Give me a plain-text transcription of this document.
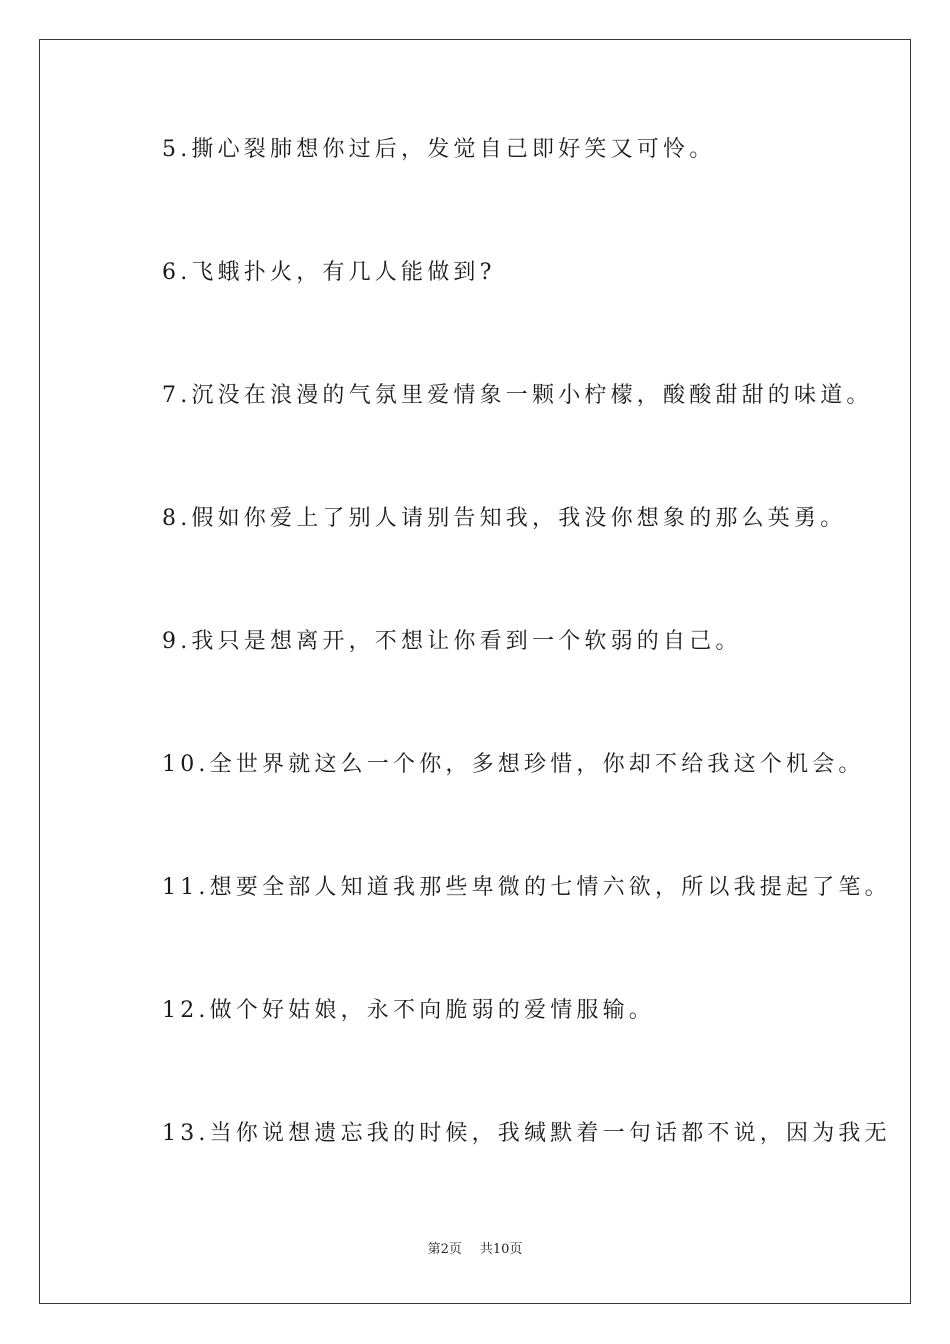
5.撕心裂肺想你过后，发觉自己即好笑又可怜。

6.飞蛾扑火，有几人能做到?

7.沉没在浪漫的气氛里爱情象一颗小柠檬，酸酸甜甜的味道。

8.假如你爱上了别人请别告知我，我没你想象的那么英勇。

9.我只是想离开，不想让你看到一个软弱的自己。

10.全世界就这么一个你，多想珍惜，你却不给我这个机会。

11.想要全部人知道我那些卑微的七情六欲，所以我提起了笔。

12.做个好姑娘，永不向脆弱的爱情服输。

13.当你说想遗忘我的时候，我缄默着一句话都不说，因为我无

第2页 共10页
